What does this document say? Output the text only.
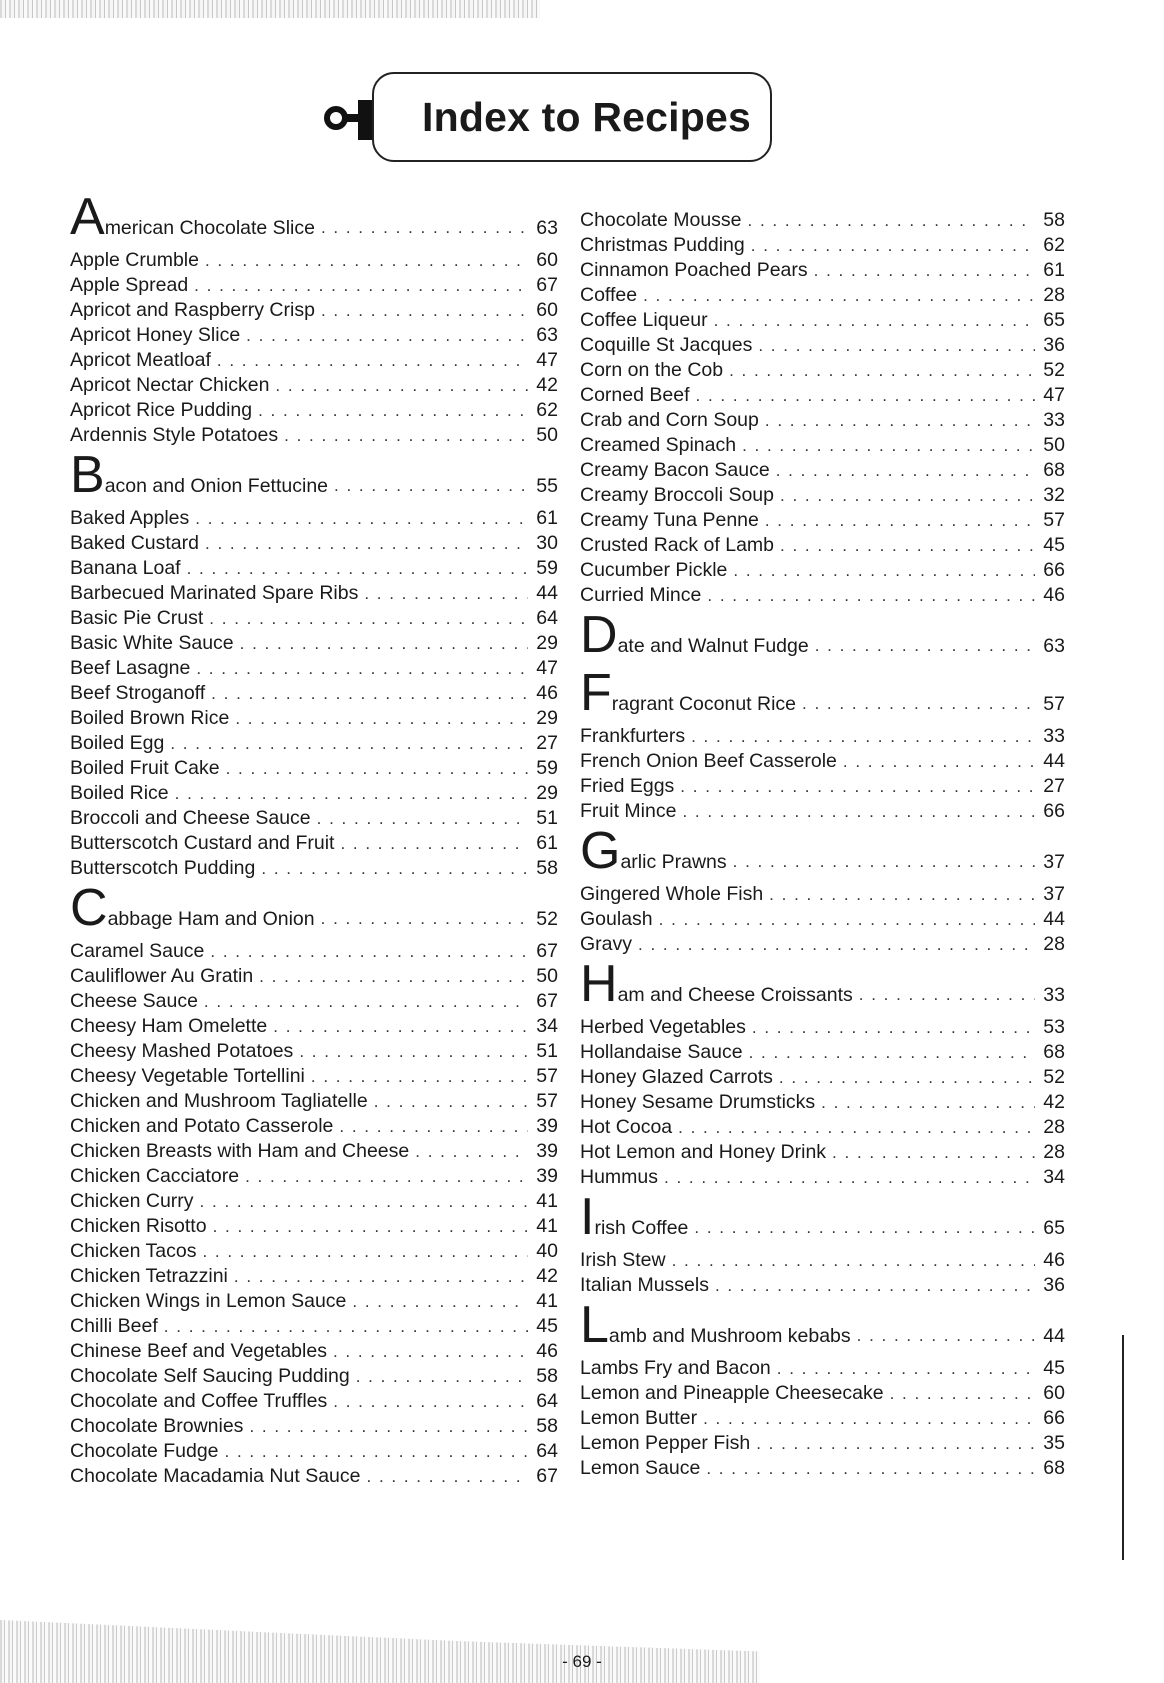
Index to Recipes
American Chocolate Slice . . .	63
Apple Crumble . . .	60
Apple Spread . . .	67
Apricot and Raspberry Crisp . . .	60
Apricot Honey Slice . . .	63
Apricot Meatloaf . . .	47
Apricot Nectar Chicken . . .	42
Apricot Rice Pudding . . .	62
Ardennis Style Potatoes . . .	50
Bacon and Onion Fettucine . . .	55
Baked Apples . . .	61
Baked Custard . . .	30
Banana Loaf . . .	59
Barbecued Marinated Spare Ribs . . .	44
Basic Pie Crust . . .	64
Basic White Sauce . . .	29
Beef Lasagne . . .	47
Beef Stroganoff . . .	46
Boiled Brown Rice . . .	29
Boiled Egg . . .	27
Boiled Fruit Cake . . .	59
Boiled Rice . . .	29
Broccoli and Cheese Sauce . . .	51
Butterscotch Custard and Fruit . . .	61
Butterscotch Pudding . . .	58
Cabbage Ham and Onion . . .	52
Caramel Sauce . . .	67
Cauliflower Au Gratin . . .	50
Cheese Sauce . . .	67
Cheesy Ham Omelette . . .	34
Cheesy Mashed Potatoes . . .	51
Cheesy Vegetable Tortellini . . .	57
Chicken and Mushroom Tagliatelle . . .	57
Chicken and Potato Casserole . . .	39
Chicken Breasts with Ham and Cheese . . .	39
Chicken Cacciatore . . .	39
Chicken Curry . . .	41
Chicken Risotto . . .	41
Chicken Tacos . . .	40
Chicken Tetrazzini . . .	42
Chicken Wings in Lemon Sauce . . .	41
Chilli Beef . . .	45
Chinese Beef and Vegetables . . .	46
Chocolate Self Saucing Pudding . . .	58
Chocolate and Coffee Truffles . . .	64
Chocolate Brownies . . .	58
Chocolate Fudge . . .	64
Chocolate Macadamia Nut Sauce . . .	67
Chocolate Mousse . . .	58
Christmas Pudding . . .	62
Cinnamon Poached Pears . . .	61
Coffee . . .	28
Coffee Liqueur . . .	65
Coquille St Jacques . . .	36
Corn on the Cob . . .	52
Corned Beef . . .	47
Crab and Corn Soup . . .	33
Creamed Spinach . . .	50
Creamy Bacon Sauce . . .	68
Creamy Broccoli Soup . . .	32
Creamy Tuna Penne . . .	57
Crusted Rack of Lamb . . .	45
Cucumber Pickle . . .	66
Curried Mince . . .	46
Date and Walnut Fudge . . .	63
Fragrant Coconut Rice . . .	57
Frankfurters . . .	33
French Onion Beef Casserole . . .	44
Fried Eggs . . .	27
Fruit Mince . . .	66
Garlic Prawns . . .	37
Gingered Whole Fish . . .	37
Goulash . . .	44
Gravy . . .	28
Ham and Cheese Croissants . . .	33
Herbed Vegetables . . .	53
Hollandaise Sauce . . .	68
Honey Glazed Carrots . . .	52
Honey Sesame Drumsticks . . .	42
Hot Cocoa . . .	28
Hot Lemon and Honey Drink . . .	28
Hummus . . .	34
Irish Coffee . . .	65
Irish Stew . . .	46
Italian Mussels . . .	36
Lamb and Mushroom kebabs . . .	44
Lambs Fry and Bacon . . .	45
Lemon and Pineapple Cheesecake . . .	60
Lemon Butter . . .	66
Lemon Pepper Fish . . .	35
Lemon Sauce . . .	68
- 69 -
